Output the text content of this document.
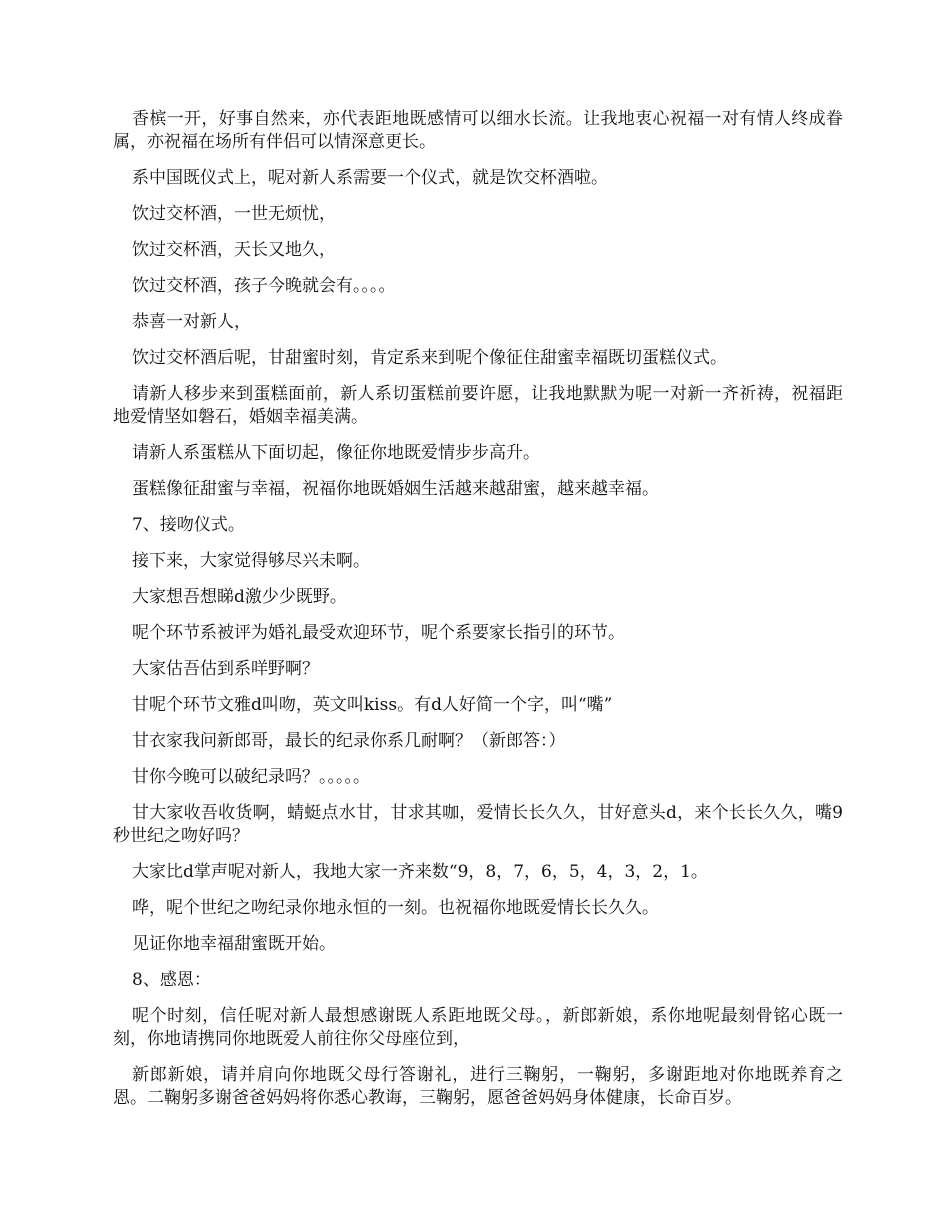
香槟一开，好事自然来，亦代表距地既感情可以细水长流。让我地衷心祝福一对有情人终成眷属，亦祝福在场所有伴侣可以情深意更长。

系中国既仪式上，呢对新人系需要一个仪式，就是饮交杯酒啦。

饮过交杯酒，一世无烦忧，

饮过交杯酒，天长又地久，

饮过交杯酒，孩子今晚就会有。。。。

恭喜一对新人，

饮过交杯酒后呢，甘甜蜜时刻，肯定系来到呢个像征住甜蜜幸福既切蛋糕仪式。

请新人移步来到蛋糕面前，新人系切蛋糕前要许愿，让我地默默为呢一对新一齐祈祷，祝福距地爱情坚如磐石，婚姻幸福美满。

请新人系蛋糕从下面切起，像征你地既爱情步步高升。

蛋糕像征甜蜜与幸福，祝福你地既婚姻生活越来越甜蜜，越来越幸福。

7、接吻仪式。

接下来，大家觉得够尽兴未啊。

大家想吾想睇d激少少既野。

呢个环节系被评为婚礼最受欢迎环节，呢个系要家长指引的环节。

大家估吾估到系咩野啊？

甘呢个环节文雅d叫吻，英文叫kiss。有d人好简一个字，叫“嘴”

甘衣家我问新郎哥，最长的纪录你系几耐啊？（新郎答：）

甘你今晚可以破纪录吗？。。。。。

甘大家收吾收货啊，蜻蜓点水甘，甘求其咖，爱情长长久久，甘好意头d，来个长长久久，嘴9秒世纪之吻好吗？

大家比d掌声呢对新人，我地大家一齐来数“9，8，7，6，5，4，3，2，1。

哗，呢个世纪之吻纪录你地永恒的一刻。也祝福你地既爱情长长久久。

见证你地幸福甜蜜既开始。

8、感恩：

呢个时刻，信任呢对新人最想感谢既人系距地既父母。，新郎新娘，系你地呢最刻骨铭心既一刻，你地请携同你地既爱人前往你父母座位到，

新郎新娘，请并肩向你地既父母行答谢礼，进行三鞠躬，一鞠躬，多谢距地对你地既养育之恩。二鞠躬多谢爸爸妈妈将你悉心教诲，三鞠躬，愿爸爸妈妈身体健康，长命百岁。
